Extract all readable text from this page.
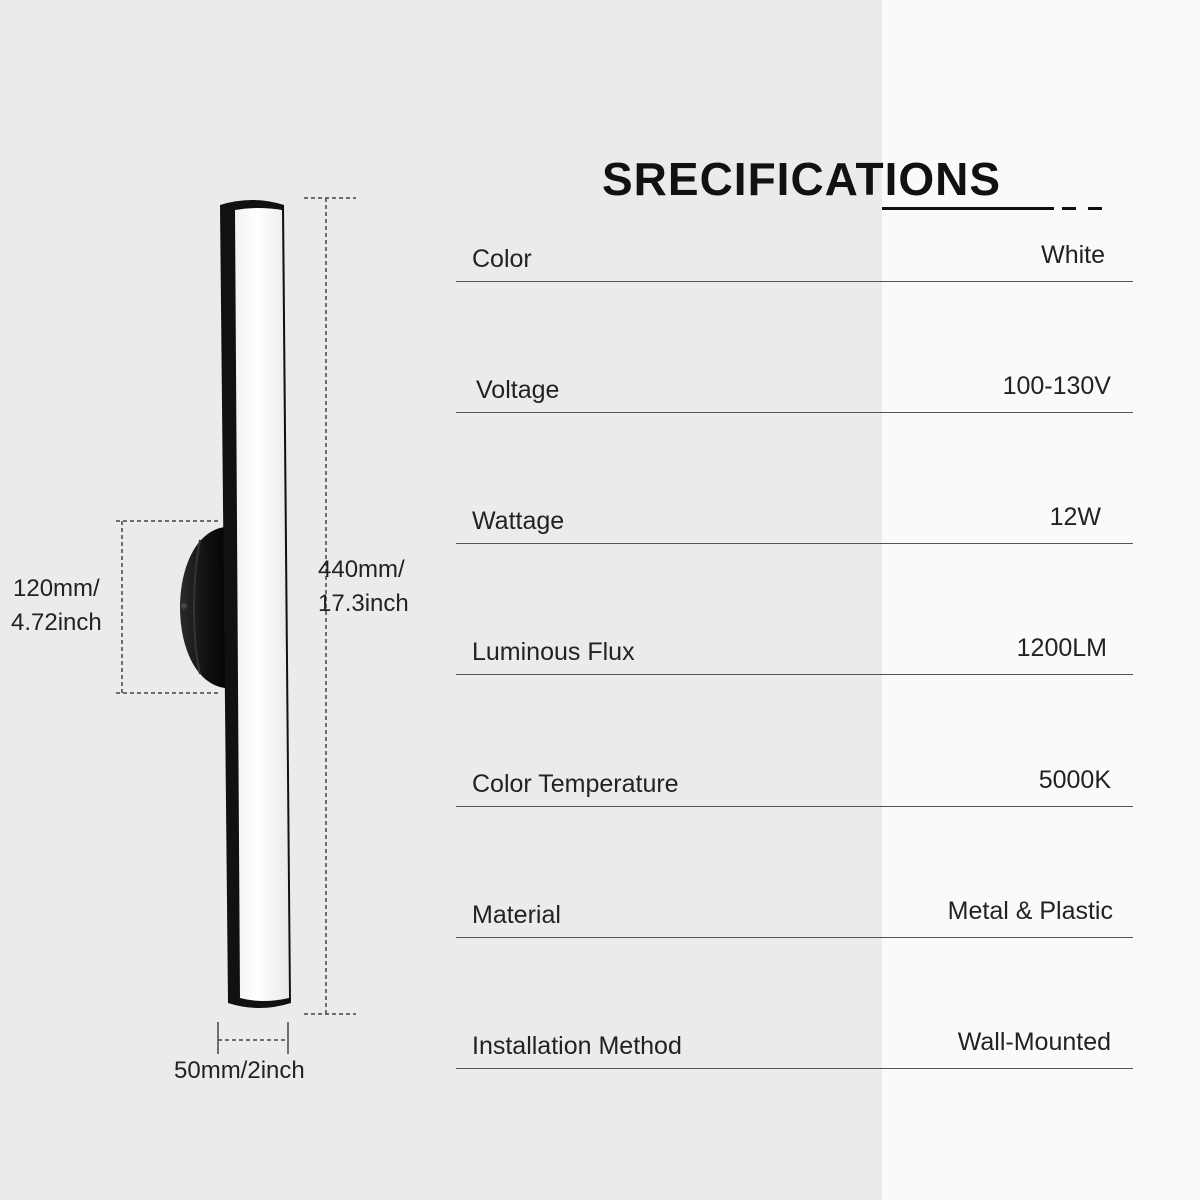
440mm/
17.3inch
120mm/
4.72inch
50mm/2inch
SRECIFICATIONS
Color	White
Voltage	100-130V
Wattage	12W
Luminous Flux	1200LM
Color Temperature	5000K
Material	Metal & Plastic
Installation Method	Wall-Mounted
